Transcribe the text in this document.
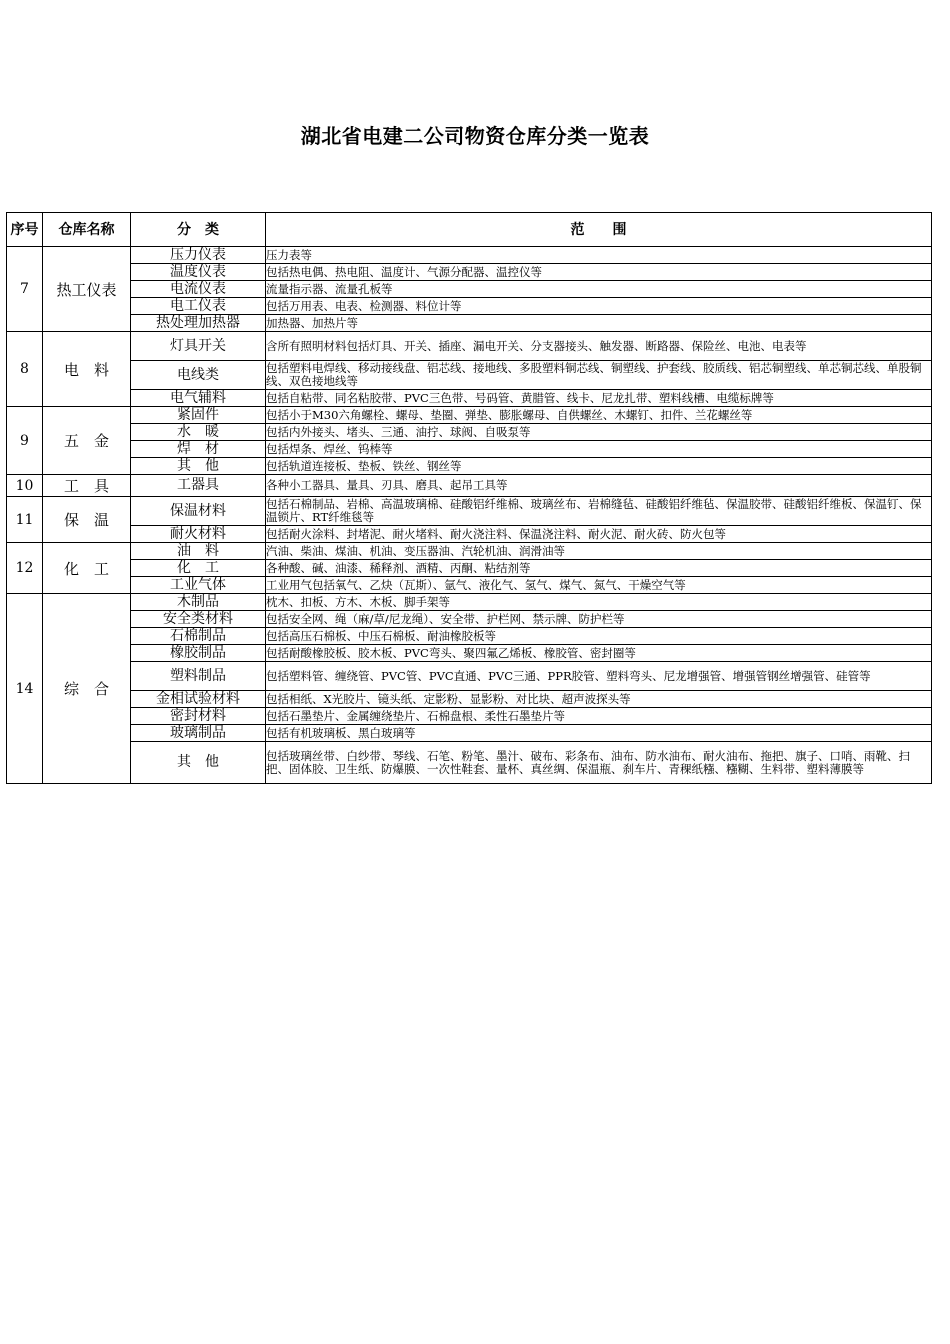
湖北省电建二公司物资仓库分类一览表
序号	仓库名称	分　类	范　　围
7	热工仪表	压力仪表	压力表等
		温度仪表	包括热电偶、热电阻、温度计、气源分配器、温控仪等
		电流仪表	流量指示器、流量孔板等
		电工仪表	包括万用表、电表、检测器、料位计等
		热处理加热器	加热器、加热片等
8	电　料	灯具开关	含所有照明材料包括灯具、开关、插座、漏电开关、分支器接头、触发器、断路器、保险丝、电池、电表等
		电线类	包括塑料电焊线、移动接线盘、铝芯线、接地线、多股塑料铜芯线、铜塑线、护套线、胶质线、铝芯铜塑线、单芯铜芯线、单股铜线、双色接地线等
		电气辅料	包括自粘带、同名粘胶带、PVC三色带、号码管、黄腊管、线卡、尼龙扎带、塑料线槽、电缆标牌等
9	五　金	紧固件	包括小于M30六角螺栓、螺母、垫圈、弹垫、膨胀螺母、自供螺丝、木螺钉、扣件、兰花螺丝等
		水　暖	包括内外接头、堵头、三通、油拧、球阀、自吸泵等
		焊　材	包括焊条、焊丝、钨棒等
		其　他	包括轨道连接板、垫板、铁丝、钢丝等
10	工　具	工器具	各种小工器具、量具、刃具、磨具、起吊工具等
11	保　温	保温材料	包括石棉制品、岩棉、高温玻璃棉、硅酸铝纤维棉、玻璃丝布、岩棉缝毡、硅酸铝纤维毡、保温胶带、硅酸铝纤维板、保温钉、保温锁片、RT纤维毯等
		耐火材料	包括耐火涂料、封堵泥、耐火堵料、耐火浇注料、保温浇注料、耐火泥、耐火砖、防火包等
12	化　工	油　料	汽油、柴油、煤油、机油、变压器油、汽轮机油、润滑油等
		化　工	各种酸、碱、油漆、稀释剂、酒精、丙酮、粘结剂等
		工业气体	工业用气包括氧气、乙炔（瓦斯）、氩气、液化气、氢气、煤气、氮气、干燥空气等
14	综　合	木制品	枕木、扣板、方木、木板、脚手架等
		安全类材料	包括安全网、绳（麻/草/尼龙绳）、安全带、护栏网、禁示牌、防护栏等
		石棉制品	包括高压石棉板、中压石棉板、耐油橡胶板等
		橡胶制品	包括耐酸橡胶板、胶木板、PVC弯头、聚四氟乙烯板、橡胶管、密封圈等
		塑料制品	包括塑料管、缠绕管、PVC管、PVC直通、PVC三通、PPR胶管、塑料弯头、尼龙增强管、增强管钢丝增强管、硅管等
		金相试验材料	包括相纸、X光胶片、镜头纸、定影粉、显影粉、对比块、超声波探头等
		密封材料	包括石墨垫片、金属缠绕垫片、石棉盘根、柔性石墨垫片等
		玻璃制品	包括有机玻璃板、黑白玻璃等
		其　他	包括玻璃丝带、白纱带、琴线、石笔、粉笔、墨汁、破布、彩条布、油布、防水油布、耐火油布、拖把、旗子、口哨、雨靴、扫把、固体胶、卫生纸、防爆膜、一次性鞋套、量杯、真丝绸、保温瓶、刹车片、青稞纸糨、糨糊、生料带、塑料薄膜等
